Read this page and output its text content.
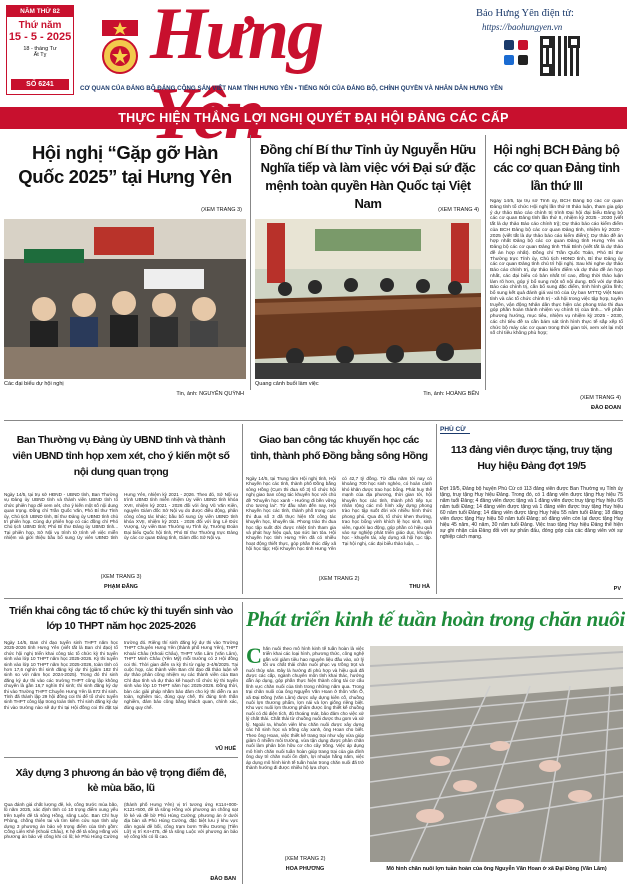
NĂM THỨ 82
Thứ năm
15 - 5 - 2025
18 - tháng Tư
Ất Tỵ
SỐ 6241
Hưng	Báo Hưng Yên điện tử:
https://baohungyen.vn
CƠ QUAN CỦA ĐẢNG BỘ ĐẢNG CỘNG SẢN VIỆT NAM TỈNH HƯNG YÊN • TIẾNG NÓI CỦA ĐẢNG BỘ, CHÍNH QUYỀN VÀ NHÂN DÂN HƯNG YÊN
THỰC HIỆN THẮNG LỢI NGHỊ QUYẾT ĐẠI HỘI ĐẢNG CÁC CẤP
Hội nghị “Gặp gỡ Hàn Quốc 2025” tại Hưng Yên
(XEM TRANG 3)
Các đại biểu dự hội nghị
Tin, ảnh: NGUYỄN QUỲNH
Đồng chí Bí thư Tỉnh ủy Nguyễn Hữu Nghĩa tiếp và làm việc với Đại sứ đặc mệnh toàn quyền Hàn Quốc tại Việt Nam	(XEM TRANG 4)
Quang cảnh buổi làm việc
Tin, ảnh: HOÀNG BẾN
Hội nghị BCH Đảng bộ các cơ quan Đảng tỉnh lần thứ III
Ngày 14/5, tại trụ sở Tỉnh ủy, BCH Đảng bộ các cơ quan Đảng tỉnh tổ chức Hội nghị lần thứ III thảo luận, tham gia góp ý dự thảo Báo cáo chính trị trình Đại hội đại biểu Đảng bộ các cơ quan Đảng tỉnh lần thứ II, nhiệm kỳ 2025 - 2030 (viết tắt là dự thảo Báo cáo chính trị); Dự thảo báo cáo kiểm điểm của BCH Đảng bộ các cơ quan Đảng tỉnh, nhiệm kỳ 2020 - 2025 (viết tắt là dự thảo báo cáo kiểm điểm); Dự thảo đề án hợp nhất Đảng bộ các cơ quan Đảng tỉnh Hưng Yên và Đảng bộ các cơ quan Đảng tỉnh Thái Bình (viết tắt là dự thảo đề án hợp nhất). Đồng chí Trần Quốc Toản, Phó Bí thư Thường trực Tỉnh ủy, Chủ tịch HĐND tỉnh, Bí thư Đảng ủy các cơ quan Đảng tỉnh chủ trì hội nghị. Sau khi nghe dự thảo Báo cáo chính trị, dự thảo kiểm điểm và dự thảo đề án hợp nhất, các đại biểu có bản nhất trí cao, đồng thời thảo luận làm rõ hơn, góp ý bổ sung một số nội dung. Đối với dự thảo Báo cáo chính trị, cần bổ sung đặc điểm, tình hình giữa lĩnh; bổ sung kết quả đánh giá vai trò của Ủy ban MTTQ Việt Nam tỉnh và các tổ chức chính trị - xã hội trong việc tập hợp, tuyên truyền, vận động Nhân dân thực hiện các phong trào thi đua góp phần hoàn thành nhiệm vụ chính trị của tỉnh... Về phần phương hướng, mục tiêu, nhiệm vụ nhiệm kỳ 2025 - 2030, các chỉ tiêu đề ra cần bám sát tình hình thực tế sắp xếp tổ chức bộ máy các cơ quan trong thời gian tới, xem xét lại một số chỉ tiêu không phù hợp;
(XEM TRANG 4)
ĐÀO ĐOAN
Ban Thường vụ Đảng ủy UBND tỉnh và thành viên UBND tỉnh họp xem xét, cho ý kiến một số nội dung quan trọng
Ngày 14/5, tại trụ sở HĐND - UBND tỉnh, Ban Thường vụ Đảng ủy UBND tỉnh và thành viên UBND tỉnh tổ chức phiên họp để xem xét, cho ý kiến một số nội dung quan trọng. Đồng chí Trần Quốc Văn, Phó Bí thư Tỉnh ủy, Chủ tịch UBND tỉnh, Bí thư Đảng ủy UBND tỉnh chủ trì phiên họp. Cùng dự phiên họp có các đồng chí Phó Chủ tịch UBND tỉnh; Phó Bí thư Đảng ủy UBND tỉnh... Tại phiên họp, Sở Nội vụ trình tờ trình về việc miễn nhiệm và giới thiệu bầu bổ sung Ủy viên UBND tỉnh Hưng Yên, nhiệm kỳ 2021 - 2026. Theo đó, Sở Nội vụ trình UBND tỉnh miễn nhiệm Ủy viên UBND tỉnh khóa XVII, nhiệm kỳ 2021 - 2026 đối với ông Vũ Văn Kiên, nguyên Giám đốc Sở Nội vụ do được điều động, phân công công tác khác; bầu bổ sung Ủy viên UBND tỉnh khóa XVII, nhiệm kỳ 2021 - 2026 đối với ông Lê Đức Vượng, Ủy viên Ban Thường vụ Tỉnh ủy, Trưởng Đoàn Đại biểu Quốc hội tỉnh, Phó Bí thư Thường trực Đảng ủy các cơ quan Đảng tỉnh, Giám đốc Sở Nội vụ.
(XEM TRANG 3)
PHẠM ĐĂNG
Giao ban công tác khuyến học các tỉnh, thành phố Đồng bằng sông Hồng
Ngày 14/5, tại Trung tâm Hội nghị tỉnh, Hội Khuyến học các tỉnh, thành phố Đồng bằng sông Hồng (Cụm thi đua số 3) tổ chức hội nghị giao ban công tác khuyến học với chủ đề “Khuyến học xanh - Hướng đi bền vững cho tương lai”. Từ đầu năm đến nay, Hội Khuyến học các tỉnh, thành phố trong cụm thi đua số 3 đã thực hiện tốt công tác khuyến học, khuyến tài. Phong trào thi đua học tập suốt đời được nhiệt tình tham gia và phát huy hiệu quả, tạo sức lan tỏa. Hội Khuyến học tỉnh Hưng Yên đã có nhiều hoạt động thiết thực, góp phần thúc đẩy xã hội học tập; Hội Khuyến học tỉnh Hưng Yên có 42,7 tỷ đồng. Từ đầu năm tới nay có khoảng 700 học sinh nghèo, có hoàn cảnh khó khăn được trao học bổng. Phát huy thế mạnh của địa phương, thời gian tới, hội khuyến học các tỉnh, thành phố tiếp tục nhân rộng các mô hình xây dựng phong trào học tập suốt đời với nhiều hình thức phong phú. Qua đó, tổ chức khen thưởng, trao học bổng vinh khích lệ học sinh, sinh viên, người lao động, góp phần có hiệu quả vào sự nghiệp phát triển giáo dục, khuyến học - khuyến tài, xây dựng xã hội học tập. Tại hội nghị, các đại biểu thảo luận, ...
(XEM TRANG 2)
THU HÀ
PHÙ CỪ
113 đảng viên được tặng, truy tặng Huy hiệu Đảng đợt 19/5
Đợt 19/5, Đảng bộ huyện Phù Cừ có 113 đảng viên được Ban Thường vụ Tỉnh ủy tặng, truy tặng Huy hiệu Đảng. Trong đó, có 1 đảng viên được tặng Huy hiệu 75 năm tuổi Đảng; 4 đảng viên được tặng và 1 đảng viên được truy tặng Huy hiệu 65 năm tuổi Đảng; 14 đảng viên được tặng và 1 đảng viên được truy tặng Huy hiệu 60 năm tuổi Đảng; 14 đảng viên được tặng Huy hiệu 55 năm tuổi Đảng; 18 đảng viên được tặng Huy hiệu 50 năm tuổi Đảng; số đảng viên còn lại được tặng Huy hiệu 45 năm, 40 năm, 30 năm tuổi Đảng. Việc trao tặng Huy hiệu Đảng thể hiện sự ghi nhận của Đảng đối với sự phấn đấu, đóng góp của các đảng viên với sự nghiệp cách mạng.
PV
Triển khai công tác tổ chức kỳ thi tuyển sinh vào lớp 10 THPT năm học 2025-2026
Ngày 14/5, Ban chỉ đạo tuyển sinh THPT năm học 2025-2026 tỉnh Hưng Yên (viết tắt là Ban chỉ đạo) tổ chức hội nghị triển khai công tác tổ chức kỳ thi tuyển sinh vào lớp 10 THPT năm học 2025-2026. Kỳ thi tuyển sinh vào lớp 10 THPT năm học 2025-2026, toàn tỉnh có hơn 17,6 nghìn thí sinh đăng ký dự thi (giảm 182 thí sinh so với năm học 2024-2025). Trong đó thí sinh đăng ký dự thi vào các trường THPT công lập không chuyên là gần 16,7 nghìn thí sinh; thí sinh đăng ký dự thi vào Trường THPT Chuyên Hưng Yên là 872 thí sinh. Tỉnh đã thành lập 29 hội đồng coi thi để tổ chức tuyển sinh THPT công lập trong toàn tỉnh. Thí sinh đăng ký dự thi vào trường nào sẽ dự thi tại Hội đồng coi thi đặt tại trường đó. Riêng thí sinh đăng ký dự thi vào Trường THPT Chuyên Hưng Yên (thành phố Hưng Yên), THPT Khoái Châu (Khoái Châu), THPT Văn Lâm (Văn Lâm), THPT Minh Châu (Yên Mỹ) mỗi trường có 2 Hội đồng coi thi. Thời gian diễn ra kỳ thi từ ngày 2-4/6/2025. Tại cuộc họp, các thành viên Ban chỉ đạo đã thảo luận về dự thảo phân công nhiệm vụ các thành viên của Ban Chỉ đạo tỉnh và dự thảo kế hoạch tổ chức kỳ thi tuyển sinh vào lớp 10 THPT năm học 2025-2026. Đồng thời, bàn các giải pháp nhằm bảo đảm cho kỳ thi diễn ra an toàn, nghiêm túc, đúng quy chế, thi đúng tinh thần nghiêm, đảm bảo công bằng khách quan, chính xác, đúng quy chế.
VŨ HUẾ
Xây dựng 3 phương án bảo vệ trọng điểm đê, kè mùa bão, lũ
Qua đánh giá chất lượng đê, kè, cống trước mùa bão, lũ năm 2025, xác định tỉnh có 10 trọng điểm xung yếu trên tuyến đê tả sông Hồng, sông Luộc. Ban Chỉ huy Phòng, chống thiên tai và tìm kiếm cứu nạn tỉnh xây dựng 3 phương án bảo vệ trọng điểm của tỉnh gồm: Cống Liên Khê (Khoái Châu), K hệ đê tả sông Hồng với phương án bảo vệ cống khi có lũ; kè Phù Hùng Cường (thành phố Hưng Yên) vị trí tương ứng K114+000-K121+500, đê tả sông Hồng với phương án chống sạt lở kè và đê bờ Phú Hùng Cường; phương án ở dưới địa bàn xã Phù Hùng Cường, đặc biệt lưu ý khu vực dân ngoài đê bối, cống trạm bơm Triều Dương (Tiên Lữ) vị trí K4+475, đê tả sông Luộc với phương án bảo vệ cống khi có lũ cao.
ĐÀO BAN
Phát triển kinh tế tuần hoàn trong chăn nuôi
C hăn nuôi theo mô hình kinh tế tuần hoàn là việc triển khai các loại hình, phương thức, công nghệ gắn với giảm tiêu hao nguyên liệu đầu vào, xử lý tối ưu chất thải chăn nuôi phục vụ trồng trọt và nuôi thủy sản. Đây là hướng đi phù hợp và hiệu quả đã được các cấp, ngành chuyên môn tỉnh khai thác, hướng dẫn áp dụng, góp phần thực hiện thành công tái cơ cấu lĩnh vực chăn nuôi của tỉnh trong những năm qua. Trong trại chăn nuôi của ông Nguyễn Văn Hoan ở thôn Văn Ổ, xã Đại Đồng (Văn Lâm) được xây dựng kiên cố, chuồng nuôi lợn thương phẩm, lợn nái và lợn giống riêng biệt. Khu vực nuôi lợn thương phẩm được ông thiết kế chuồng nuôi có đủ diện tích, đủ thoáng mát, bảo đảm cho việc xử lý chất thải. Chất thải từ chuồng nuôi được thu gom và xử lý. Ngoài ra, khuôn viên khu chăn nuôi được xây dựng các hồ sinh học và trồng cây xanh, ông Hoan cho biết. Theo ông Hoan, việc thiết kế trang trại như vậy vừa giúp giảm ô nhiễm môi trường, vừa tận dụng được phân chăn nuôi làm phân bón hữu cơ cho cây trồng. Việc áp dụng mô hình chăn nuôi tuần hoàn giúp trang trại của gia đình ông duy trì chăn nuôi ổn định, lợi nhuận hằng năm, việc áp dụng mô hình kinh tế tuần hoàn trong chăn nuôi đã trở thành hướng đi được nhiều hộ lựa chọn.
(XEM TRANG 2)
HOA PHƯƠNG	Mô hình chăn nuôi lợn tuần hoàn của ông Nguyễn Văn Hoan ở xã Đại Đồng (Văn Lâm)
